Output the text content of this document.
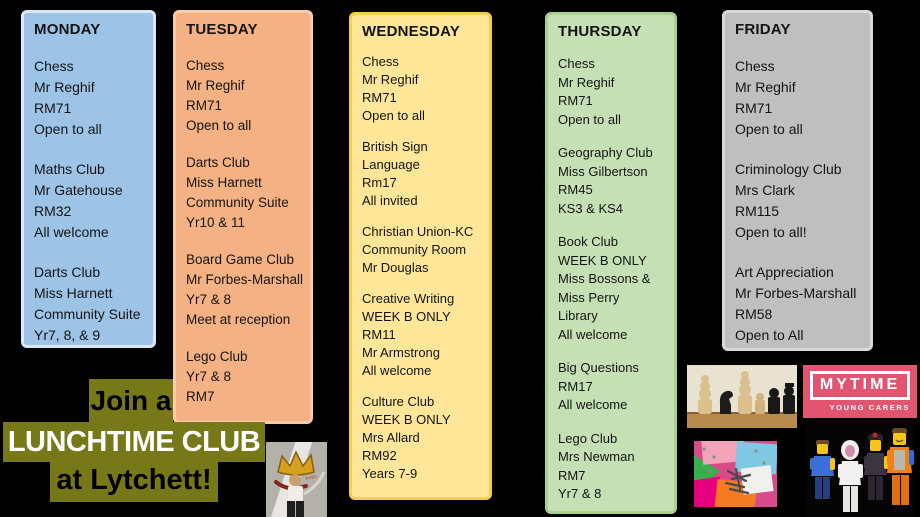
MONDAY
Chess
Mr Reghif
RM71
Open to all
Maths Club
Mr Gatehouse
RM32
All welcome
Darts Club
Miss Harnett
Community Suite
Yr7, 8, & 9
TUESDAY
Chess
Mr Reghif
RM71
Open to all
Darts Club
Miss Harnett
Community Suite
Yr10 & 11
Board Game Club
Mr Forbes-Marshall
Yr7 & 8
Meet at reception
Lego Club
Yr7 & 8
RM7
WEDNESDAY
Chess
Mr Reghif
RM71
Open to all
British Sign
Language
Rm17
All invited
Christian Union-KC
Community Room
Mr Douglas
Creative Writing
WEEK B ONLY
RM11
Mr Armstrong
All welcome
Culture Club
WEEK B ONLY
Mrs Allard
RM92
Years 7-9
THURSDAY
Chess
Mr Reghif
RM71
Open to all
Geography Club
Miss Gilbertson
RM45
KS3 & KS4
Book Club
WEEK B ONLY
Miss Bossons &
Miss Perry
Library
All welcome
Big Questions
RM17
All welcome
Lego Club
Mrs Newman
RM7
Yr7 & 8
FRIDAY
Chess
Mr Reghif
RM71
Open to all
Criminology Club
Mrs Clark
RM115
Open to all!
Art Appreciation
Mr Forbes-Marshall
RM58
Open to All
Join a
LUNCHTIME CLUB
at Lytchett!
MYTIME
YOUNG CARERS
KING
